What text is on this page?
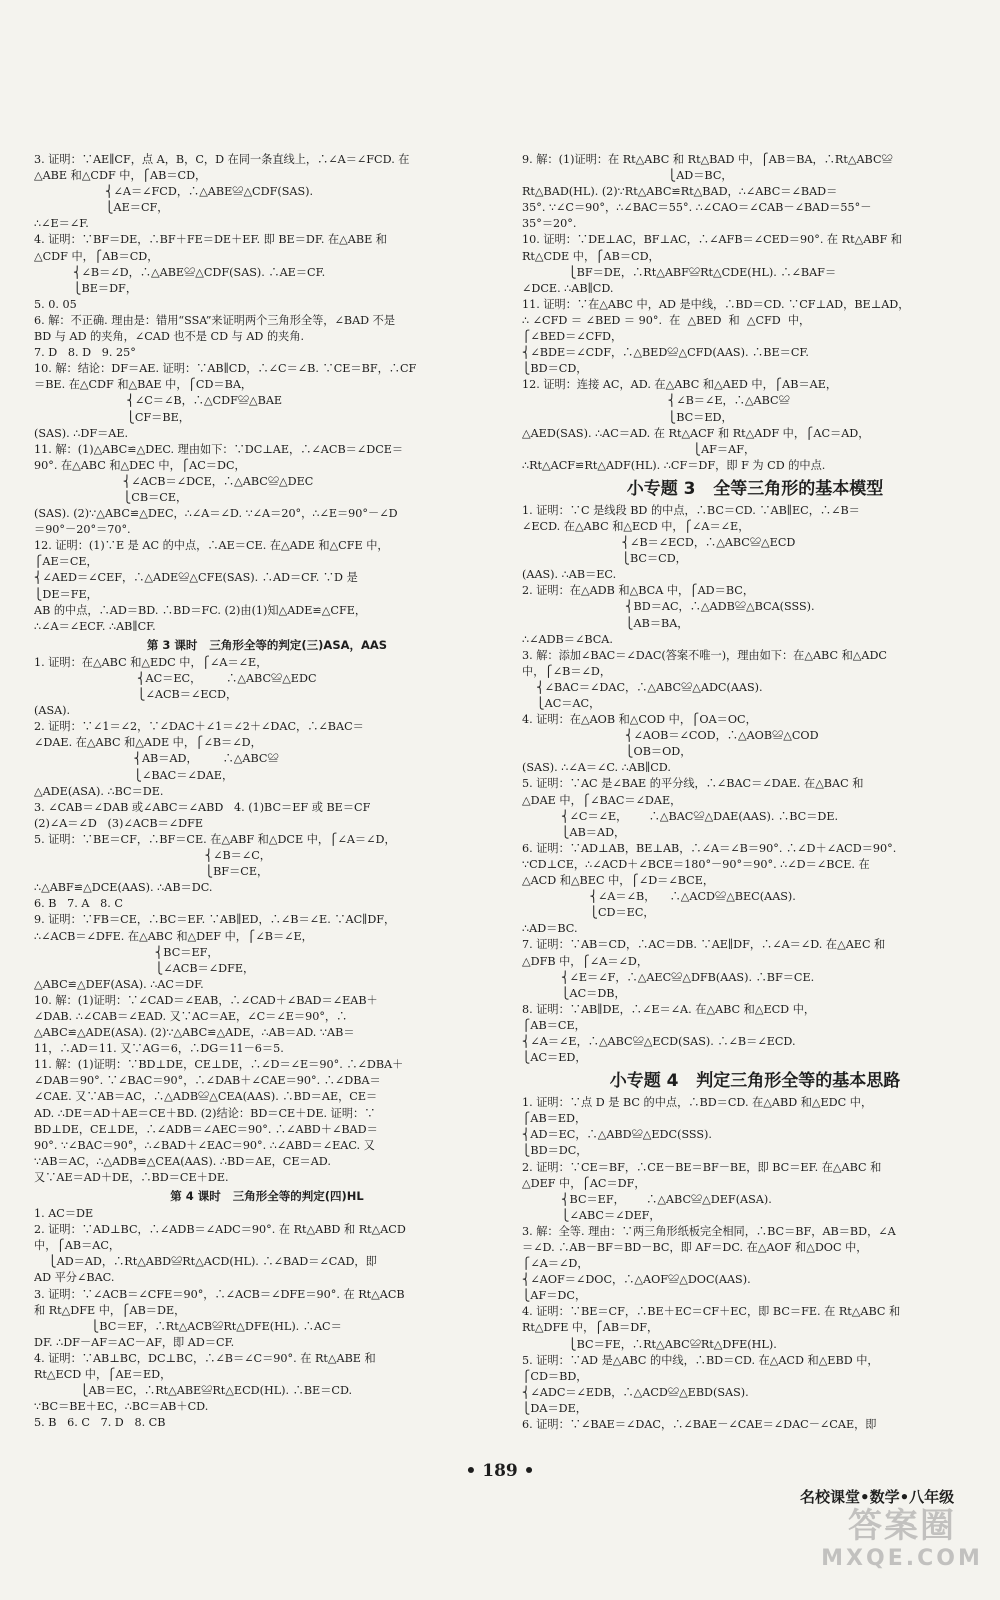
3. 证明：∵AE∥CF，点 A，B，C，D 在同一条直线上，∴∠A＝∠FCD. 在
△ABE 和△CDF 中，⎧AB＝CD，
⎨∠A＝∠FCD，∴△ABE≌△CDF(SAS).
⎩AE＝CF，
∴∠E＝∠F.
4. 证明：∵BF＝DE，∴BF＋FE＝DE＋EF. 即 BE＝DF. 在△ABE 和
△CDF 中，⎧AB＝CD，
⎨∠B＝∠D，∴△ABE≌△CDF(SAS). ∴AE＝CF.
⎩BE＝DF，
5. 0. 05
6. 解：不正确. 理由是：错用“SSA”来证明两个三角形全等，∠BAD 不是
BD 与 AD 的夹角，∠CAD 也不是 CD 与 AD 的夹角.
7. D   8. D   9. 25°
10. 解：结论：DF＝AE. 证明：∵AB∥CD，∴∠C＝∠B. ∵CE＝BF，∴CF
＝BE. 在△CDF 和△BAE 中，⎧CD＝BA，
⎨∠C＝∠B，∴△CDF≌△BAE
⎩CF＝BE，
(SAS). ∴DF＝AE.
11. 解：(1)△ABC≌△DEC. 理由如下：∵DC⊥AE，∴∠ACB＝∠DCE＝
90°. 在△ABC 和△DEC 中，⎧AC＝DC，
⎨∠ACB＝∠DCE，∴△ABC≌△DEC
⎩CB＝CE，
(SAS). (2)∵△ABC≌△DEC，∴∠A＝∠D. ∵∠A＝20°，∴∠E＝90°－∠D
＝90°－20°＝70°.
12. 证明：(1)∵E 是 AC 的中点，∴AE＝CE. 在△ADE 和△CFE 中，
⎧AE＝CE，
⎨∠AED＝∠CEF，∴△ADE≌△CFE(SAS). ∴AD＝CF. ∵D 是
⎩DE＝FE，
AB 的中点，∴AD＝BD. ∴BD＝FC. (2)由(1)知△ADE≌△CFE，
∴∠A＝∠ECF. ∴AB∥CF.
第 3 课时   三角形全等的判定(三)ASA，AAS
1. 证明：在△ABC 和△EDC 中，⎧∠A＝∠E，
⎨AC＝EC，       ∴△ABC≌△EDC
⎩∠ACB＝∠ECD，
(ASA).
2. 证明：∵∠1＝∠2，∵∠DAC＋∠1＝∠2＋∠DAC，∴∠BAC＝
∠DAE. 在△ABC 和△ADE 中，⎧∠B＝∠D，
⎨AB＝AD，       ∴△ABC≌
⎩∠BAC＝∠DAE，
△ADE(ASA). ∴BC＝DE.
3. ∠CAB＝∠DAB 或∠ABC＝∠ABD   4. (1)BC＝EF 或 BE＝CF
(2)∠A＝∠D   (3)∠ACB＝∠DFE
5. 证明：∵BE＝CF，∴BF＝CE. 在△ABF 和△DCE 中，⎧∠A＝∠D，
⎨∠B＝∠C，
⎩BF＝CE，
∴△ABF≌△DCE(AAS). ∴AB＝DC.
6. B   7. A   8. C
9. 证明：∵FB＝CE，∴BC＝EF. ∵AB∥ED，∴∠B＝∠E. ∵AC∥DF，
∴∠ACB＝∠DFE. 在△ABC 和△DEF 中，⎧∠B＝∠E，
⎨BC＝EF，
⎩∠ACB＝∠DFE，
△ABC≌△DEF(ASA). ∴AC＝DF.
10. 解：(1)证明：∵∠CAD＝∠EAB，∴∠CAD＋∠BAD＝∠EAB＋
∠DAB. ∴∠CAB＝∠EAD. 又∵AC＝AE，∠C＝∠E＝90°，∴
△ABC≌△ADE(ASA). (2)∵△ABC≌△ADE，∴AB＝AD. ∵AB＝
11，∴AD＝11. 又∵AG＝6，∴DG＝11－6＝5.
11. 解：(1)证明：∵BD⊥DE，CE⊥DE，∴∠D＝∠E＝90°. ∴∠DBA＋
∠DAB＝90°. ∵∠BAC＝90°，∴∠DAB＋∠CAE＝90°. ∴∠DBA＝
∠CAE. 又∵AB＝AC，∴△ADB≌△CEA(AAS). ∴BD＝AE，CE＝
AD. ∴DE＝AD＋AE＝CE＋BD. (2)结论：BD＝CE＋DE. 证明：∵
BD⊥DE，CE⊥DE，∴∠ADB＝∠AEC＝90°. ∴∠ABD＋∠BAD＝
90°. ∵∠BAC＝90°，∴∠BAD＋∠EAC＝90°. ∴∠ABD＝∠EAC. 又
∵AB＝AC，∴△ADB≌△CEA(AAS). ∴BD＝AE，CE＝AD.
又∵AE＝AD＋DE，∴BD＝CE＋DE.
第 4 课时   三角形全等的判定(四)HL
1. AC＝DE
2. 证明：∵AD⊥BC，∴∠ADB＝∠ADC＝90°. 在 Rt△ABD 和 Rt△ACD
中，⎧AB＝AC，
⎩AD＝AD，∴Rt△ABD≌Rt△ACD(HL). ∴∠BAD＝∠CAD，即
AD 平分∠BAC.
3. 证明：∵∠ACB＝∠CFE＝90°，∴∠ACB＝∠DFE＝90°. 在 Rt△ACB
和 Rt△DFE 中，⎧AB＝DE，
⎩BC＝EF，∴Rt△ACB≌Rt△DFE(HL). ∴AC＝
DF. ∴DF－AF＝AC－AF，即 AD＝CF.
4. 证明：∵AB⊥BC，DC⊥BC，∴∠B＝∠C＝90°. 在 Rt△ABE 和
Rt△ECD 中，⎧AE＝ED，
⎩AB＝EC，∴Rt△ABE≌Rt△ECD(HL). ∴BE＝CD.
∵BC＝BE＋EC，∴BC＝AB＋CD.
5. B   6. C   7. D   8. CB
9. 解：(1)证明：在 Rt△ABC 和 Rt△BAD 中，⎧AB＝BA，∴Rt△ABC≌
⎩AD＝BC，
Rt△BAD(HL). (2)∵Rt△ABC≌Rt△BAD，∴∠ABC＝∠BAD＝
35°. ∵∠C＝90°，∴∠BAC＝55°. ∴∠CAO＝∠CAB－∠BAD＝55°－
35°＝20°.
10. 证明：∵DE⊥AC，BF⊥AC，∴∠AFB＝∠CED＝90°. 在 Rt△ABF 和
Rt△CDE 中，⎧AB＝CD，
⎩BF＝DE，∴Rt△ABF≌Rt△CDE(HL). ∴∠BAF＝
∠DCE. ∴AB∥CD.
11. 证明：∵在△ABC 中，AD 是中线，∴BD＝CD. ∵CF⊥AD，BE⊥AD，
∴ ∠CFD ＝ ∠BED ＝ 90°.  在  △BED  和  △CFD  中，
⎧∠BED＝∠CFD，
⎨∠BDE＝∠CDF，∴△BED≌△CFD(AAS). ∴BE＝CF.
⎩BD＝CD，
12. 证明：连接 AC，AD. 在△ABC 和△AED 中，⎧AB＝AE，
⎨∠B＝∠E，∴△ABC≌
⎩BC＝ED，
△AED(SAS). ∴AC＝AD. 在 Rt△ACF 和 Rt△ADF 中，⎧AC＝AD，
⎩AF＝AF，
∴Rt△ACF≌Rt△ADF(HL). ∴CF＝DF，即 F 为 CD 的中点.
小专题 3   全等三角形的基本模型
1. 证明：∵C 是线段 BD 的中点，∴BC＝CD. ∵AB∥EC，∴∠B＝
∠ECD. 在△ABC 和△ECD 中，⎧∠A＝∠E，
⎨∠B＝∠ECD，∴△ABC≌△ECD
⎩BC＝CD，
(AAS). ∴AB＝EC.
2. 证明：在△ADB 和△BCA 中，⎧AD＝BC，
⎨BD＝AC，∴△ADB≌△BCA(SSS).
⎩AB＝BA，
∴∠ADB＝∠BCA.
3. 解：添加∠BAC＝∠DAC(答案不唯一)，理由如下：在△ABC 和△ADC
中，⎧∠B＝∠D，
⎨∠BAC＝∠DAC，∴△ABC≌△ADC(AAS).
⎩AC＝AC，
4. 证明：在△AOB 和△COD 中，⎧OA＝OC，
⎨∠AOB＝∠COD，∴△AOB≌△COD
⎩OB＝OD，
(SAS). ∴∠A＝∠C. ∴AB∥CD.
5. 证明：∵AC 是∠BAE 的平分线，∴∠BAC＝∠DAE. 在△BAC 和
△DAE 中，⎧∠BAC＝∠DAE，
⎨∠C＝∠E，      ∴△BAC≌△DAE(AAS). ∴BC＝DE.
⎩AB＝AD，
6. 证明：∵AD⊥AB，BE⊥AB，∴∠A＝∠B＝90°. ∴∠D＋∠ACD＝90°.
∵CD⊥CE，∴∠ACD＋∠BCE＝180°－90°＝90°. ∴∠D＝∠BCE. 在
△ACD 和△BEC 中，⎧∠D＝∠BCE，
⎨∠A＝∠B，    ∴△ACD≌△BEC(AAS).
⎩CD＝EC，
∴AD＝BC.
7. 证明：∵AB＝CD，∴AC＝DB. ∵AE∥DF，∴∠A＝∠D. 在△AEC 和
△DFB 中，⎧∠A＝∠D，
⎨∠E＝∠F，∴△AEC≌△DFB(AAS). ∴BF＝CE.
⎩AC＝DB，
8. 证明：∵AB∥DE，∴∠E＝∠A. 在△ABC 和△ECD 中，
⎧AB＝CE，
⎨∠A＝∠E，∴△ABC≌△ECD(SAS). ∴∠B＝∠ECD.
⎩AC＝ED，
小专题 4   判定三角形全等的基本思路
1. 证明：∵点 D 是 BC 的中点，∴BD＝CD. 在△ABD 和△EDC 中，
⎧AB＝ED，
⎨AD＝EC，∴△ABD≌△EDC(SSS).
⎩BD＝DC，
2. 证明：∵CE＝BF，∴CE－BE＝BF－BE，即 BC＝EF. 在△ABC 和
△DEF 中，⎧AC＝DF，
⎨BC＝EF，      ∴△ABC≌△DEF(ASA).
⎩∠ABC＝∠DEF，
3. 解：全等. 理由：∵两三角形纸板完全相同，∴BC＝BF，AB＝BD，∠A
＝∠D. ∴AB－BF＝BD－BC，即 AF＝DC. 在△AOF 和△DOC 中，
⎧∠A＝∠D，
⎨∠AOF＝∠DOC，∴△AOF≌△DOC(AAS).
⎩AF＝DC，
4. 证明：∵BE＝CF，∴BE＋EC＝CF＋EC，即 BC＝FE. 在 Rt△ABC 和
Rt△DFE 中，⎧AB＝DF，
⎩BC＝FE，∴Rt△ABC≌Rt△DFE(HL).
5. 证明：∵AD 是△ABC 的中线，∴BD＝CD. 在△ACD 和△EBD 中，
⎧CD＝BD，
⎨∠ADC＝∠EDB，∴△ACD≌△EBD(SAS).
⎩DA＝DE，
6. 证明：∵∠BAE＝∠DAC，∴∠BAE－∠CAE＝∠DAC－∠CAE，即
• 189 •
名校课堂•数学•八年级
答案圈
MXQE.COM
